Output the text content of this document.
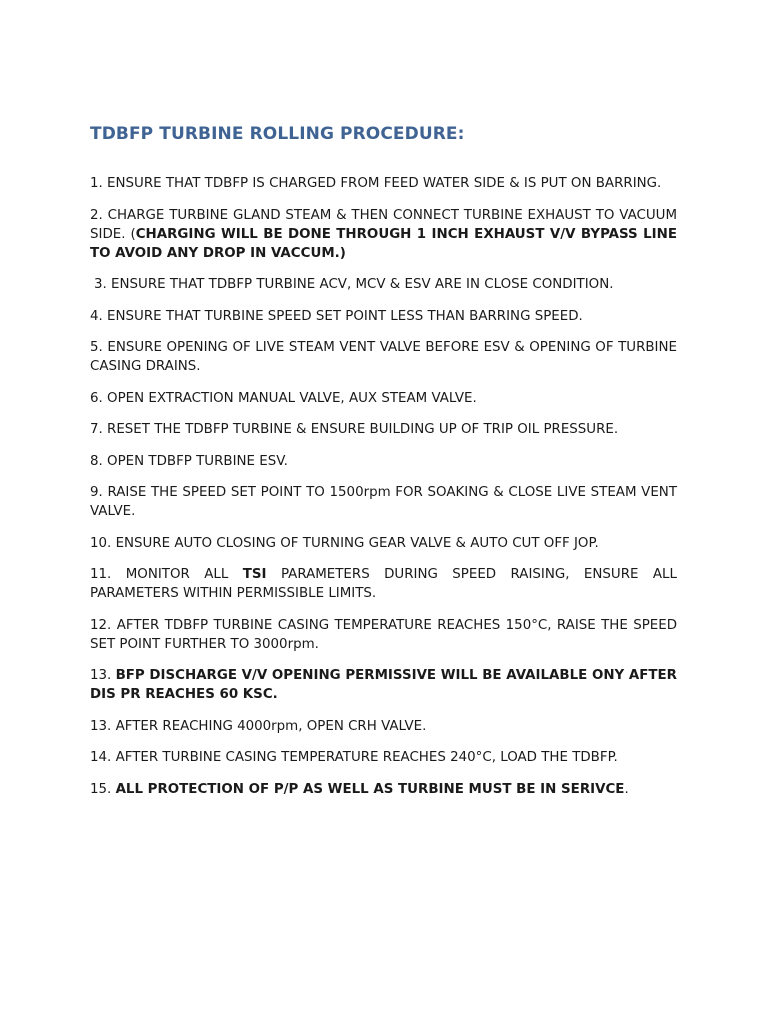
TDBFP TURBINE ROLLING PROCEDURE:

1. ENSURE THAT TDBFP IS CHARGED FROM FEED WATER SIDE & IS PUT ON BARRING.

2. CHARGE TURBINE GLAND STEAM & THEN CONNECT TURBINE EXHAUST TO VACUUM SIDE. (CHARGING WILL BE DONE THROUGH 1 INCH EXHAUST V/V BYPASS LINE TO AVOID ANY DROP IN VACCUM.)

3. ENSURE THAT TDBFP TURBINE ACV, MCV & ESV ARE IN CLOSE CONDITION.

4. ENSURE THAT TURBINE SPEED SET POINT LESS THAN BARRING SPEED.

5. ENSURE OPENING OF LIVE STEAM VENT VALVE BEFORE ESV & OPENING OF TURBINE CASING DRAINS.

6. OPEN EXTRACTION MANUAL VALVE, AUX STEAM VALVE.

7. RESET THE TDBFP TURBINE & ENSURE BUILDING UP OF TRIP OIL PRESSURE.

8. OPEN TDBFP TURBINE ESV.

9. RAISE THE SPEED SET POINT TO 1500rpm FOR SOAKING & CLOSE LIVE STEAM VENT VALVE.

10. ENSURE AUTO CLOSING OF TURNING GEAR VALVE & AUTO CUT OFF JOP.

11. MONITOR ALL TSI PARAMETERS DURING SPEED RAISING, ENSURE ALL PARAMETERS WITHIN PERMISSIBLE LIMITS.

12. AFTER TDBFP TURBINE CASING TEMPERATURE REACHES 150°C, RAISE THE SPEED SET POINT FURTHER TO 3000rpm.

13. BFP DISCHARGE V/V OPENING PERMISSIVE WILL BE AVAILABLE ONY AFTER DIS PR REACHES 60 KSC.

13. AFTER REACHING 4000rpm, OPEN CRH VALVE.

14. AFTER TURBINE CASING TEMPERATURE REACHES 240°C, LOAD THE TDBFP.

15. ALL PROTECTION OF P/P AS WELL AS TURBINE MUST BE IN SERIVCE.
